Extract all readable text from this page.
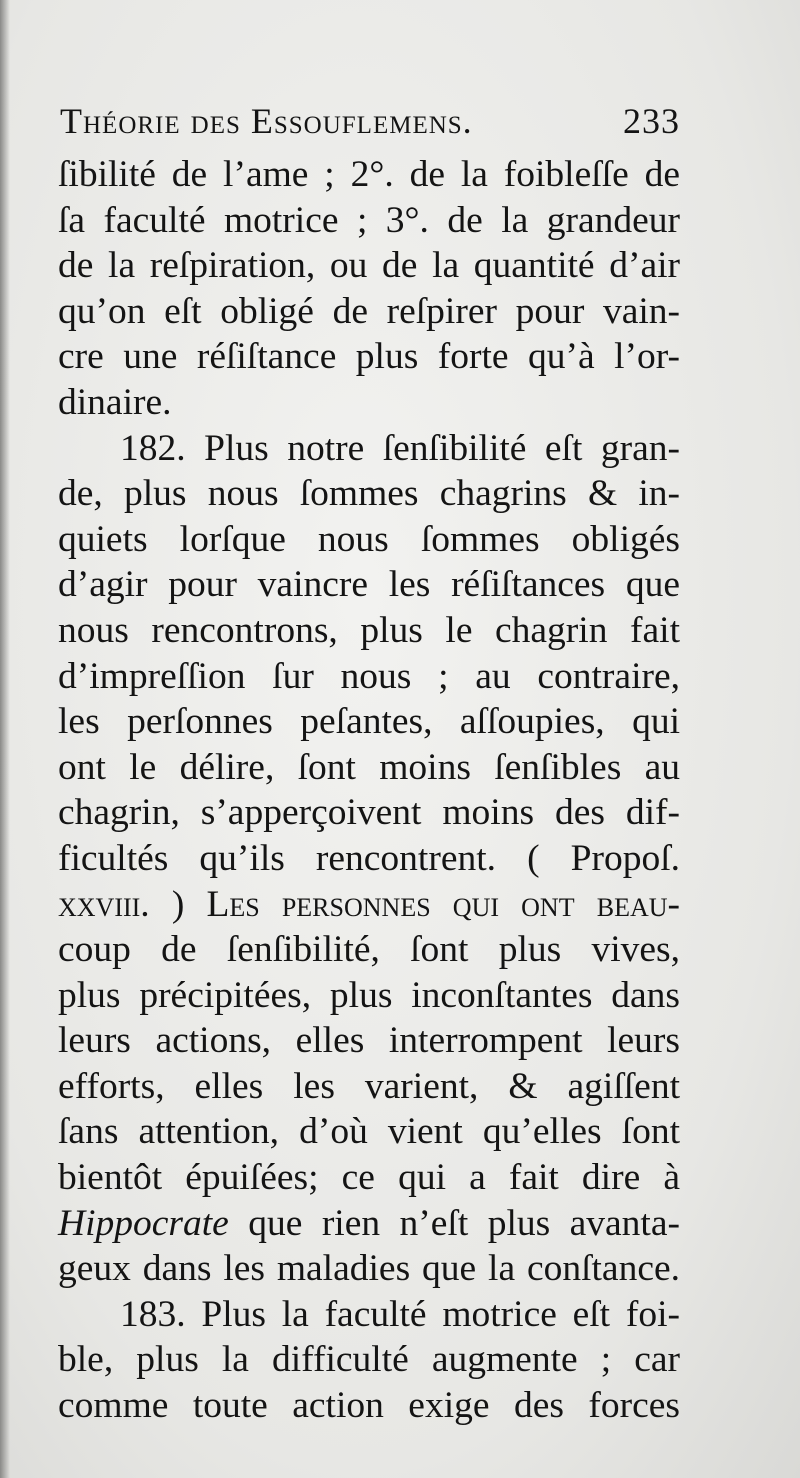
Théorie des Essouflemens.	233
ſibilité de l’ame ; 2°. de la foibleſſe de
ſa faculté motrice ; 3°. de la grandeur
de la reſpiration, ou de la quantité d’air
qu’on eſt obligé de reſpirer pour vain-
cre une réſiſtance plus forte qu’à l’or-
dinaire.
182. Plus notre ſenſibilité eſt gran-
de, plus nous ſommes chagrins & in-
quiets lorſque nous ſommes obligés
d’agir pour vaincre les réſiſtances que
nous rencontrons, plus le chagrin fait
d’impreſſion ſur nous ; au contraire,
les perſonnes peſantes, aſſoupies, qui
ont le délire, ſont moins ſenſibles au
chagrin, s’apperçoivent moins des dif-
ficultés qu’ils rencontrent. ( Propoſ.
xxviii. ) Les perſonnes qui ont beau-
coup de ſenſibilité, ſont plus vives,
plus précipitées, plus inconſtantes dans
leurs actions, elles interrompent leurs
efforts, elles les varient, & agiſſent
ſans attention, d’où vient qu’elles ſont
bientôt épuiſées; ce qui a fait dire à
Hippocrate que rien n’eſt plus avanta-
geux dans les maladies que la conſtance.
183. Plus la faculté motrice eſt foi-
ble, plus la difficulté augmente ; car
comme toute action exige des forces
